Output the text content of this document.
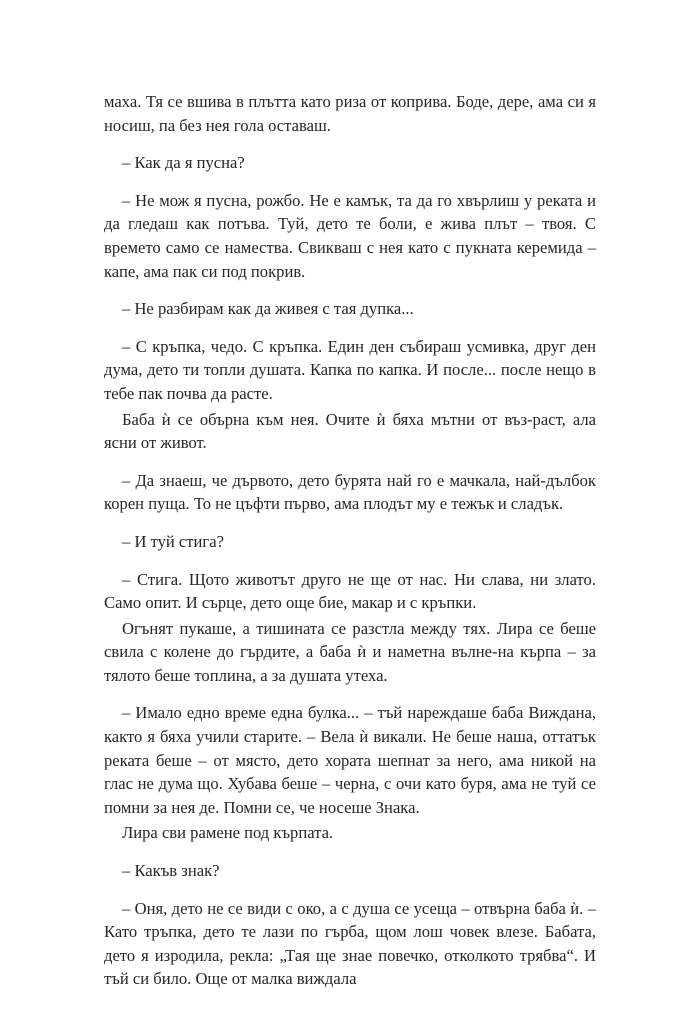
маха. Тя се вшива в плътта като риза от коприва. Боде, дере, ама си я носиш, па без нея гола оставаш.

– Как да я пусна?

– Не мож я пусна, рожбо. Не е камък, та да го хвърлиш у реката и да гледаш как потъва. Туй, дето те боли, е жива плът – твоя. С времето само се намества. Свикваш с нея като с пукната керемида – капе, ама пак си под покрив.

– Не разбирам как да живея с тая дупка...

– С кръпка, чедо. С кръпка. Един ден събираш усмивка, друг ден дума, дето ти топли душата. Капка по капка. И после... после нещо в тебе пак почва да расте.

Баба ѝ се обърна към нея. Очите ѝ бяха мътни от въз-раст, ала ясни от живот.

– Да знаеш, че дървото, дето бурята най го е мачкала, най-дълбок корен пуща. То не цъфти първо, ама плодът му е тежък и сладък.

– И туй стига?

– Стига. Щото животът друго не ще от нас. Ни слава, ни злато. Само опит. И сърце, дето още бие, макар и с кръпки.

Огънят пукаше, а тишината се разстла между тях. Лира се беше свила с колене до гърдите, а баба ѝ и наметна вълне-на кърпа – за тялото беше топлина, а за душата утеха.

– Имало едно време една булка... – тъй нареждаше баба Виждана, както я бяха учили старите. – Вела ѝ викали. Не беше наша, оттатък реката беше – от място, дето хората шепнат за него, ама никой на глас не дума що. Хубава беше – черна, с очи като буря, ама не туй се помни за нея де. Помни се, че носеше Знака.

Лира сви рамене под кърпата.

– Какъв знак?

– Оня, дето не се види с око, а с душа се усеща – отвърна баба ѝ. – Като тръпка, дето те лази по гърба, щом лош човек влезе. Бабата, дето я изродила, рекла: „Тая ще знае повечко, отколкото трябва“. И тъй си било. Още от малка виждала
